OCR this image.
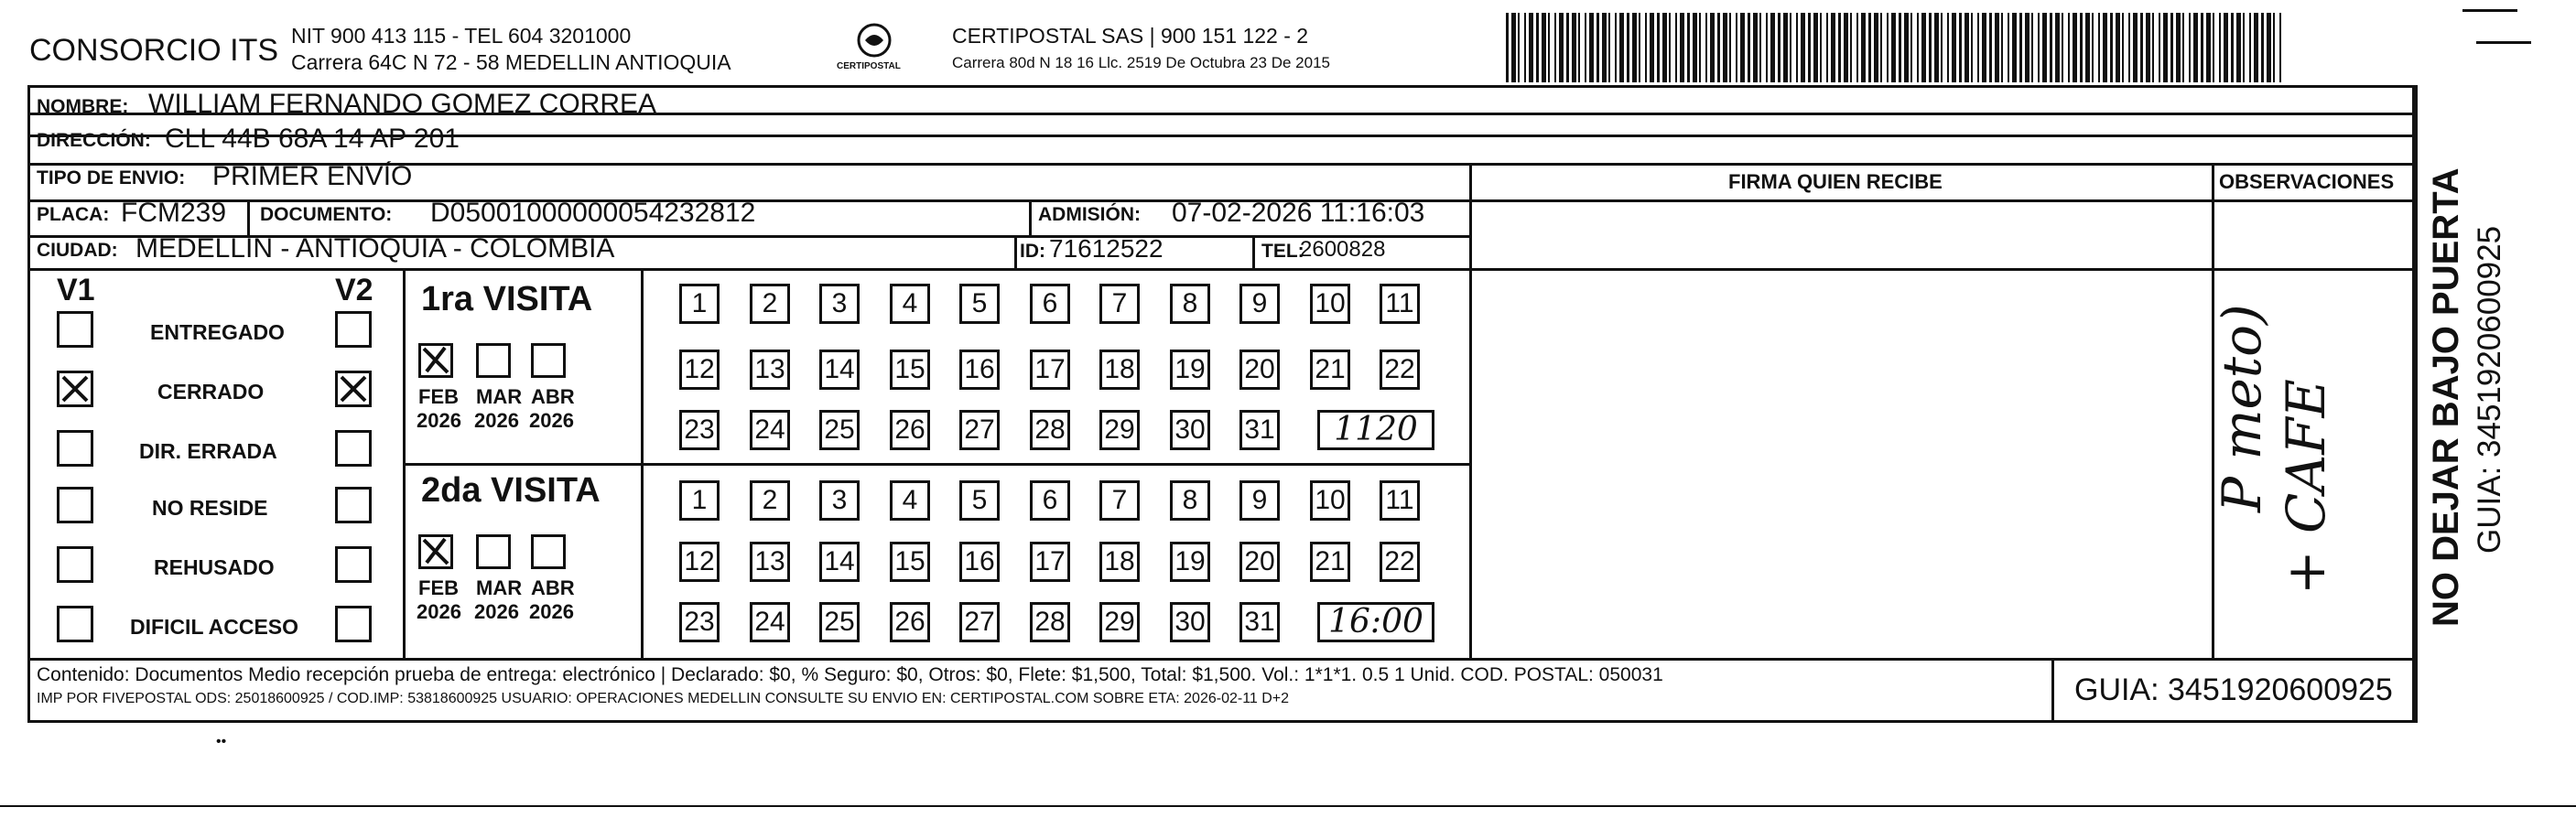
CONSORCIO ITS NIT 900 413 115 - TEL 604 3201000
Carrera 64C N 72 - 58 MEDELLIN ANTIOQUIA	CERTIPOSTAL
CERTIPOSTAL SAS | 900 151 122 - 2
Carrera 80d N 18 16 Llc. 2519 De Octubra 23 De 2015
NOMBRE: WILLIAM FERNANDO GOMEZ CORREA
DIRECCIÓN: CLL 44B 68A 14 AP 201
TIPO DE ENVIO: PRIMER ENVÍO	FIRMA QUIEN RECIBE	OBSERVACIONES
PLACA: FCM239 DOCUMENTO: D05001000000054232812	ADMISIÓN: 07-02-2026 11:16:03
CIUDAD: MEDELLIN - ANTIOQUIA - COLOMBIA	ID: 71612522	TEL:
2600828
V1	V2
ENTREGADO
CERRADO
DIR. ERRADA
NO RESIDE
REHUSADO
DIFICIL ACCESO
1ra VISITA
2da VISITA
FEB
2026
MAR
2026
ABR
2026
FEB
2026
MAR
2026
ABR
2026
1	2	3	4	5	6	7	8	9	10 11
12 13 14 15 16 17 18 19 20 21 22
23 24 25 26 27 28 29 30 31	1120
1	2	3	4	5	6	7	8	9	10 11
12 13 14 15 16 17 18 19 20 21 22
23 24 25 26 27 28 29 30 31	16:00
P meto) + CAFE
Contenido: Documentos Medio recepción prueba de entrega: electrónico | Declarado: $0, % Seguro: $0, Otros: $0, Flete: $1,500, Total: $1,500. Vol.: 1*1*1. 0.5 1 Unid. COD. POSTAL: 050031
IMP POR FIVEPOSTAL ODS: 25018600925 / COD.IMP: 53818600925 USUARIO: OPERACIONES MEDELLIN CONSULTE SU ENVIO EN: CERTIPOSTAL.COM SOBRE ETA: 2026-02-11 D+2	GUIA: 3451920600925
NO DEJAR BAJO PUERTA GUIA: 3451920600925
••
